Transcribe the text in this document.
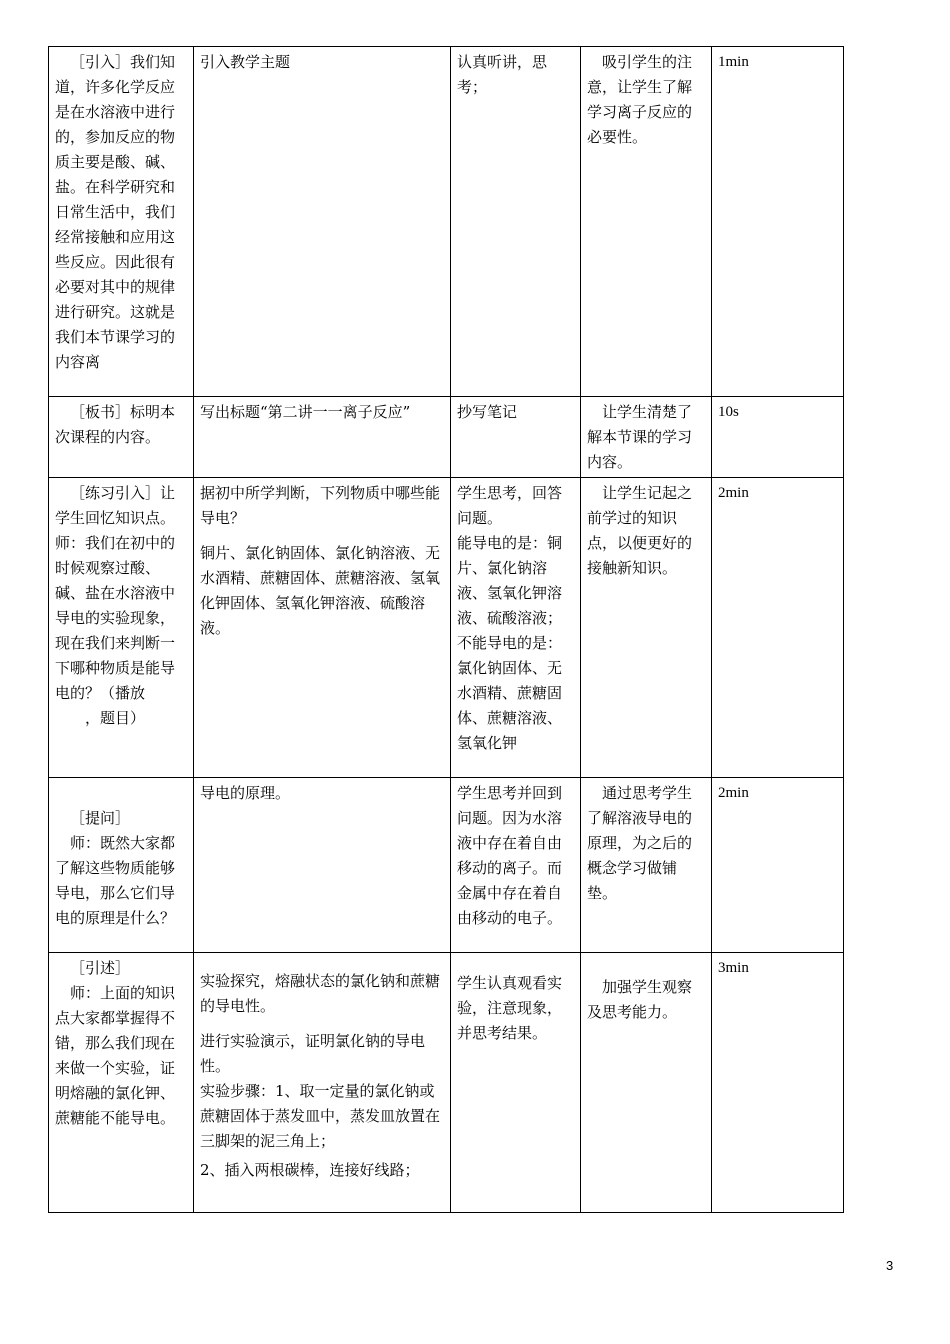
［引入］我们知道，许多化学反应是在水溶液中进行的，参加反应的物质主要是酸、碱、盐。在科学研究和日常生活中，我们经常接触和应用这些反应。因此很有必要对其中的规律进行研究。这就是我们本节课学习的内容离	引入教学主题	认真听讲，思考；	吸引学生的注意，让学生了解学习离子反应的必要性。	1min

［板书］标明本次课程的内容。	写出标题“第二讲一一离子反应”	抄写笔记	让学生清楚了解本节课的学习内容。	10s

［练习引入］让学生回忆知识点。
师：我们在初中的时候观察过酸、碱、盐在水溶液中导电的实验现象，现在我们来判断一下哪种物质是能导电的？（播放
，题目）	据初中所学判断，下列物质中哪些能导电？
铜片、氯化钠固体、氯化钠溶液、无水酒精、蔗糖固体、蔗糖溶液、氢氧化钾固体、氢氧化钾溶液、硫酸溶液。	学生思考，回答问题。
能导电的是：铜片、氯化钠溶液、氢氧化钾溶液、硫酸溶液；不能导电的是：氯化钠固体、无水酒精、蔗糖固体、蔗糖溶液、氢氧化钾	让学生记起之前学过的知识点，以便更好的接触新知识。	2min

［提问］
师：既然大家都了解这些物质能够导电，那么它们导电的原理是什么？	导电的原理。	学生思考并回到问题。因为水溶液中存在着自由移动的离子。而金属中存在着自由移动的电子。	通过思考学生了解溶液导电的原理，为之后的概念学习做铺垫。	2min

［引述］
师：上面的知识点大家都掌握得不错，那么我们现在来做一个实验，证明熔融的氯化钾、蔗糖能不能导电。	实验探究，熔融状态的氯化钠和蔗糖的导电性。
进行实验演示，证明氯化钠的导电性。
实验步骤：1、取一定量的氯化钠或蔗糖固体于蒸发皿中，蒸发皿放置在三脚架的泥三角上；
2、插入两根碳棒，连接好线路；	学生认真观看实验，注意现象，并思考结果。	加强学生观察及思考能力。	3min
3
